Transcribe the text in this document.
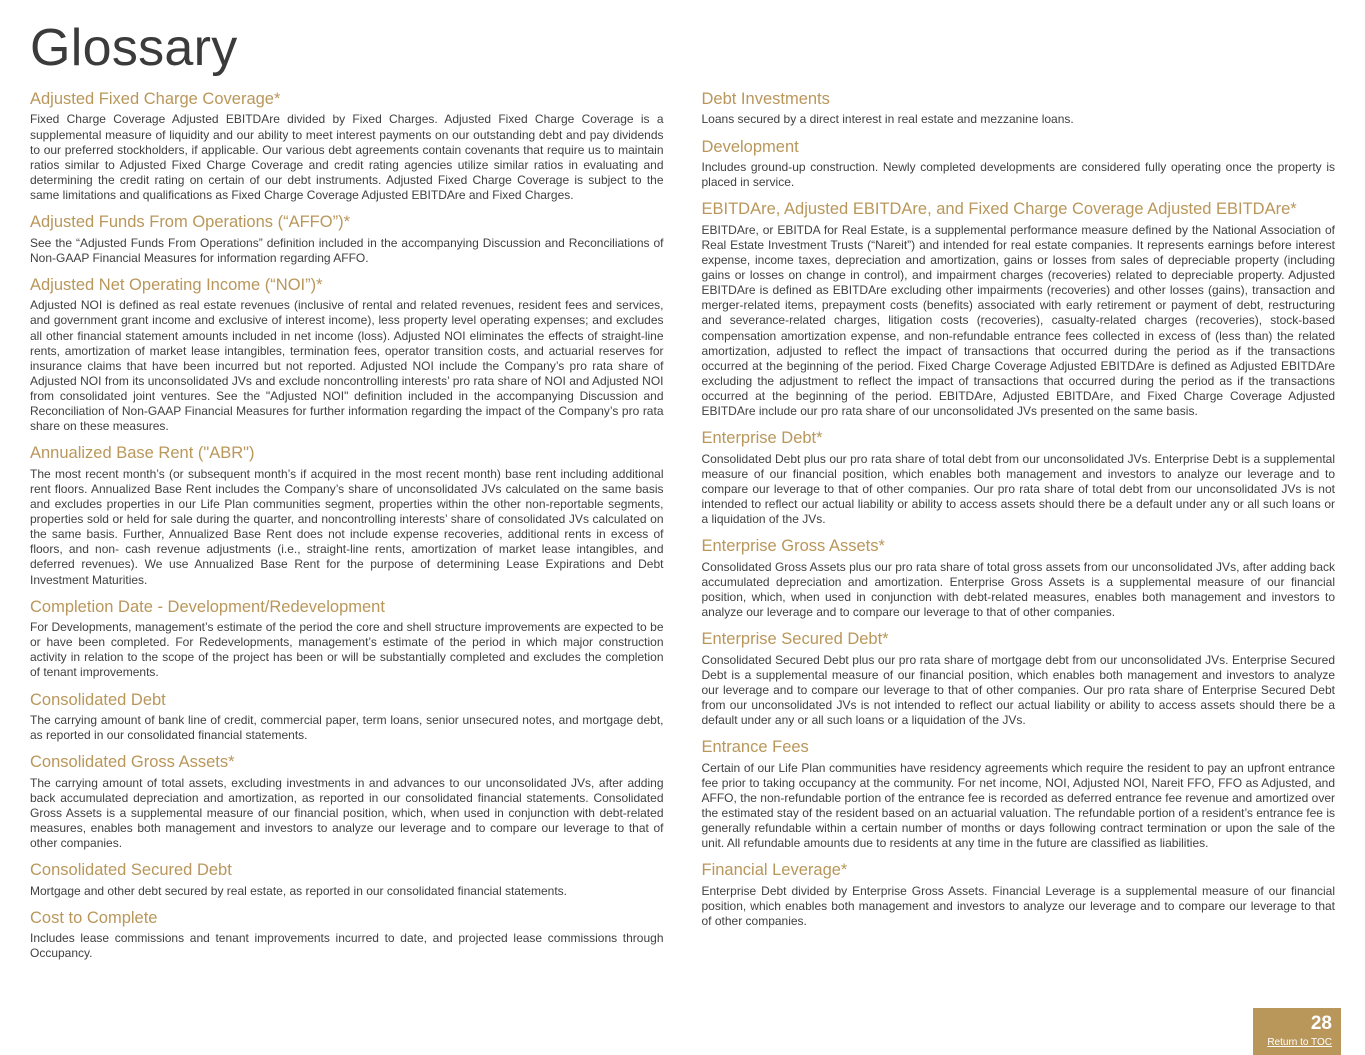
Glossary
Adjusted Fixed Charge Coverage*

Fixed Charge Coverage Adjusted EBITDAre divided by Fixed Charges. Adjusted Fixed Charge Coverage is a supplemental measure of liquidity and our ability to meet interest payments on our outstanding debt and pay dividends to our preferred stockholders, if applicable. Our various debt agreements contain covenants that require us to maintain ratios similar to Adjusted Fixed Charge Coverage and credit rating agencies utilize similar ratios in evaluating and determining the credit rating on certain of our debt instruments. Adjusted Fixed Charge Coverage is subject to the same limitations and qualifications as Fixed Charge Coverage Adjusted EBITDAre and Fixed Charges.

Adjusted Funds From Operations (“AFFO”)*

See the “Adjusted Funds From Operations” definition included in the accompanying Discussion and Reconciliations of Non-GAAP Financial Measures for information regarding AFFO.

Adjusted Net Operating Income (“NOI”)*

Adjusted NOI is defined as real estate revenues (inclusive of rental and related revenues, resident fees and services, and government grant income and exclusive of interest income), less property level operating expenses; and excludes all other financial statement amounts included in net income (loss). Adjusted NOI eliminates the effects of straight-line rents, amortization of market lease intangibles, termination fees, operator transition costs, and actuarial reserves for insurance claims that have been incurred but not reported. Adjusted NOI include the Company’s pro rata share of Adjusted NOI from its unconsolidated JVs and exclude noncontrolling interests’ pro rata share of NOI and Adjusted NOI from consolidated joint ventures. See the "Adjusted NOI" definition included in the accompanying Discussion and Reconciliation of Non-GAAP Financial Measures for further information regarding the impact of the Company’s pro rata share on these measures.

Annualized Base Rent ("ABR")

The most recent month’s (or subsequent month’s if acquired in the most recent month) base rent including additional rent floors. Annualized Base Rent includes the Company’s share of unconsolidated JVs calculated on the same basis and excludes properties in our Life Plan communities segment, properties within the other non-reportable segments, properties sold or held for sale during the quarter, and noncontrolling interests’ share of consolidated JVs calculated on the same basis. Further, Annualized Base Rent does not include expense recoveries, additional rents in excess of floors, and non- cash revenue adjustments (i.e., straight-line rents, amortization of market lease intangibles, and deferred revenues). We use Annualized Base Rent for the purpose of determining Lease Expirations and Debt Investment Maturities.

Completion Date - Development/Redevelopment

For Developments, management’s estimate of the period the core and shell structure improvements are expected to be or have been completed. For Redevelopments, management’s estimate of the period in which major construction activity in relation to the scope of the project has been or will be substantially completed and excludes the completion of tenant improvements.

Consolidated Debt

The carrying amount of bank line of credit, commercial paper, term loans, senior unsecured notes, and mortgage debt, as reported in our consolidated financial statements.

Consolidated Gross Assets*

The carrying amount of total assets, excluding investments in and advances to our unconsolidated JVs, after adding back accumulated depreciation and amortization, as reported in our consolidated financial statements. Consolidated Gross Assets is a supplemental measure of our financial position, which, when used in conjunction with debt-related measures, enables both management and investors to analyze our leverage and to compare our leverage to that of other companies.

Consolidated Secured Debt

Mortgage and other debt secured by real estate, as reported in our consolidated financial statements.

Cost to Complete

Includes lease commissions and tenant improvements incurred to date, and projected lease commissions through Occupancy.

Debt Investments

Loans secured by a direct interest in real estate and mezzanine loans.

Development

Includes ground-up construction. Newly completed developments are considered fully operating once the property is placed in service.

EBITDAre, Adjusted EBITDAre, and Fixed Charge Coverage Adjusted EBITDAre*

EBITDAre, or EBITDA for Real Estate, is a supplemental performance measure defined by the National Association of Real Estate Investment Trusts (“Nareit”) and intended for real estate companies. It represents earnings before interest expense, income taxes, depreciation and amortization, gains or losses from sales of depreciable property (including gains or losses on change in control), and impairment charges (recoveries) related to depreciable property. Adjusted EBITDAre is defined as EBITDAre excluding other impairments (recoveries) and other losses (gains), transaction and merger-related items, prepayment costs (benefits) associated with early retirement or payment of debt, restructuring and severance-related charges, litigation costs (recoveries), casualty-related charges (recoveries), stock-based compensation amortization expense, and non-refundable entrance fees collected in excess of (less than) the related amortization, adjusted to reflect the impact of transactions that occurred during the period as if the transactions occurred at the beginning of the period. Fixed Charge Coverage Adjusted EBITDAre is defined as Adjusted EBITDAre excluding the adjustment to reflect the impact of transactions that occurred during the period as if the transactions occurred at the beginning of the period. EBITDAre, Adjusted EBITDAre, and Fixed Charge Coverage Adjusted EBITDAre include our pro rata share of our unconsolidated JVs presented on the same basis.

Enterprise Debt*

Consolidated Debt plus our pro rata share of total debt from our unconsolidated JVs. Enterprise Debt is a supplemental measure of our financial position, which enables both management and investors to analyze our leverage and to compare our leverage to that of other companies. Our pro rata share of total debt from our unconsolidated JVs is not intended to reflect our actual liability or ability to access assets should there be a default under any or all such loans or a liquidation of the JVs.

Enterprise Gross Assets*

Consolidated Gross Assets plus our pro rata share of total gross assets from our unconsolidated JVs, after adding back accumulated depreciation and amortization. Enterprise Gross Assets is a supplemental measure of our financial position, which, when used in conjunction with debt-related measures, enables both management and investors to analyze our leverage and to compare our leverage to that of other companies.

Enterprise Secured Debt*

Consolidated Secured Debt plus our pro rata share of mortgage debt from our unconsolidated JVs. Enterprise Secured Debt is a supplemental measure of our financial position, which enables both management and investors to analyze our leverage and to compare our leverage to that of other companies. Our pro rata share of Enterprise Secured Debt from our unconsolidated JVs is not intended to reflect our actual liability or ability to access assets should there be a default under any or all such loans or a liquidation of the JVs.

Entrance Fees

Certain of our Life Plan communities have residency agreements which require the resident to pay an upfront entrance fee prior to taking occupancy at the community. For net income, NOI, Adjusted NOI, Nareit FFO, FFO as Adjusted, and AFFO, the non-refundable portion of the entrance fee is recorded as deferred entrance fee revenue and amortized over the estimated stay of the resident based on an actuarial valuation. The refundable portion of a resident’s entrance fee is generally refundable within a certain number of months or days following contract termination or upon the sale of the unit. All refundable amounts due to residents at any time in the future are classified as liabilities.

Financial Leverage*

Enterprise Debt divided by Enterprise Gross Assets. Financial Leverage is a supplemental measure of our financial position, which enables both management and investors to analyze our leverage and to compare our leverage to that of other companies.

28
Return to TOC
